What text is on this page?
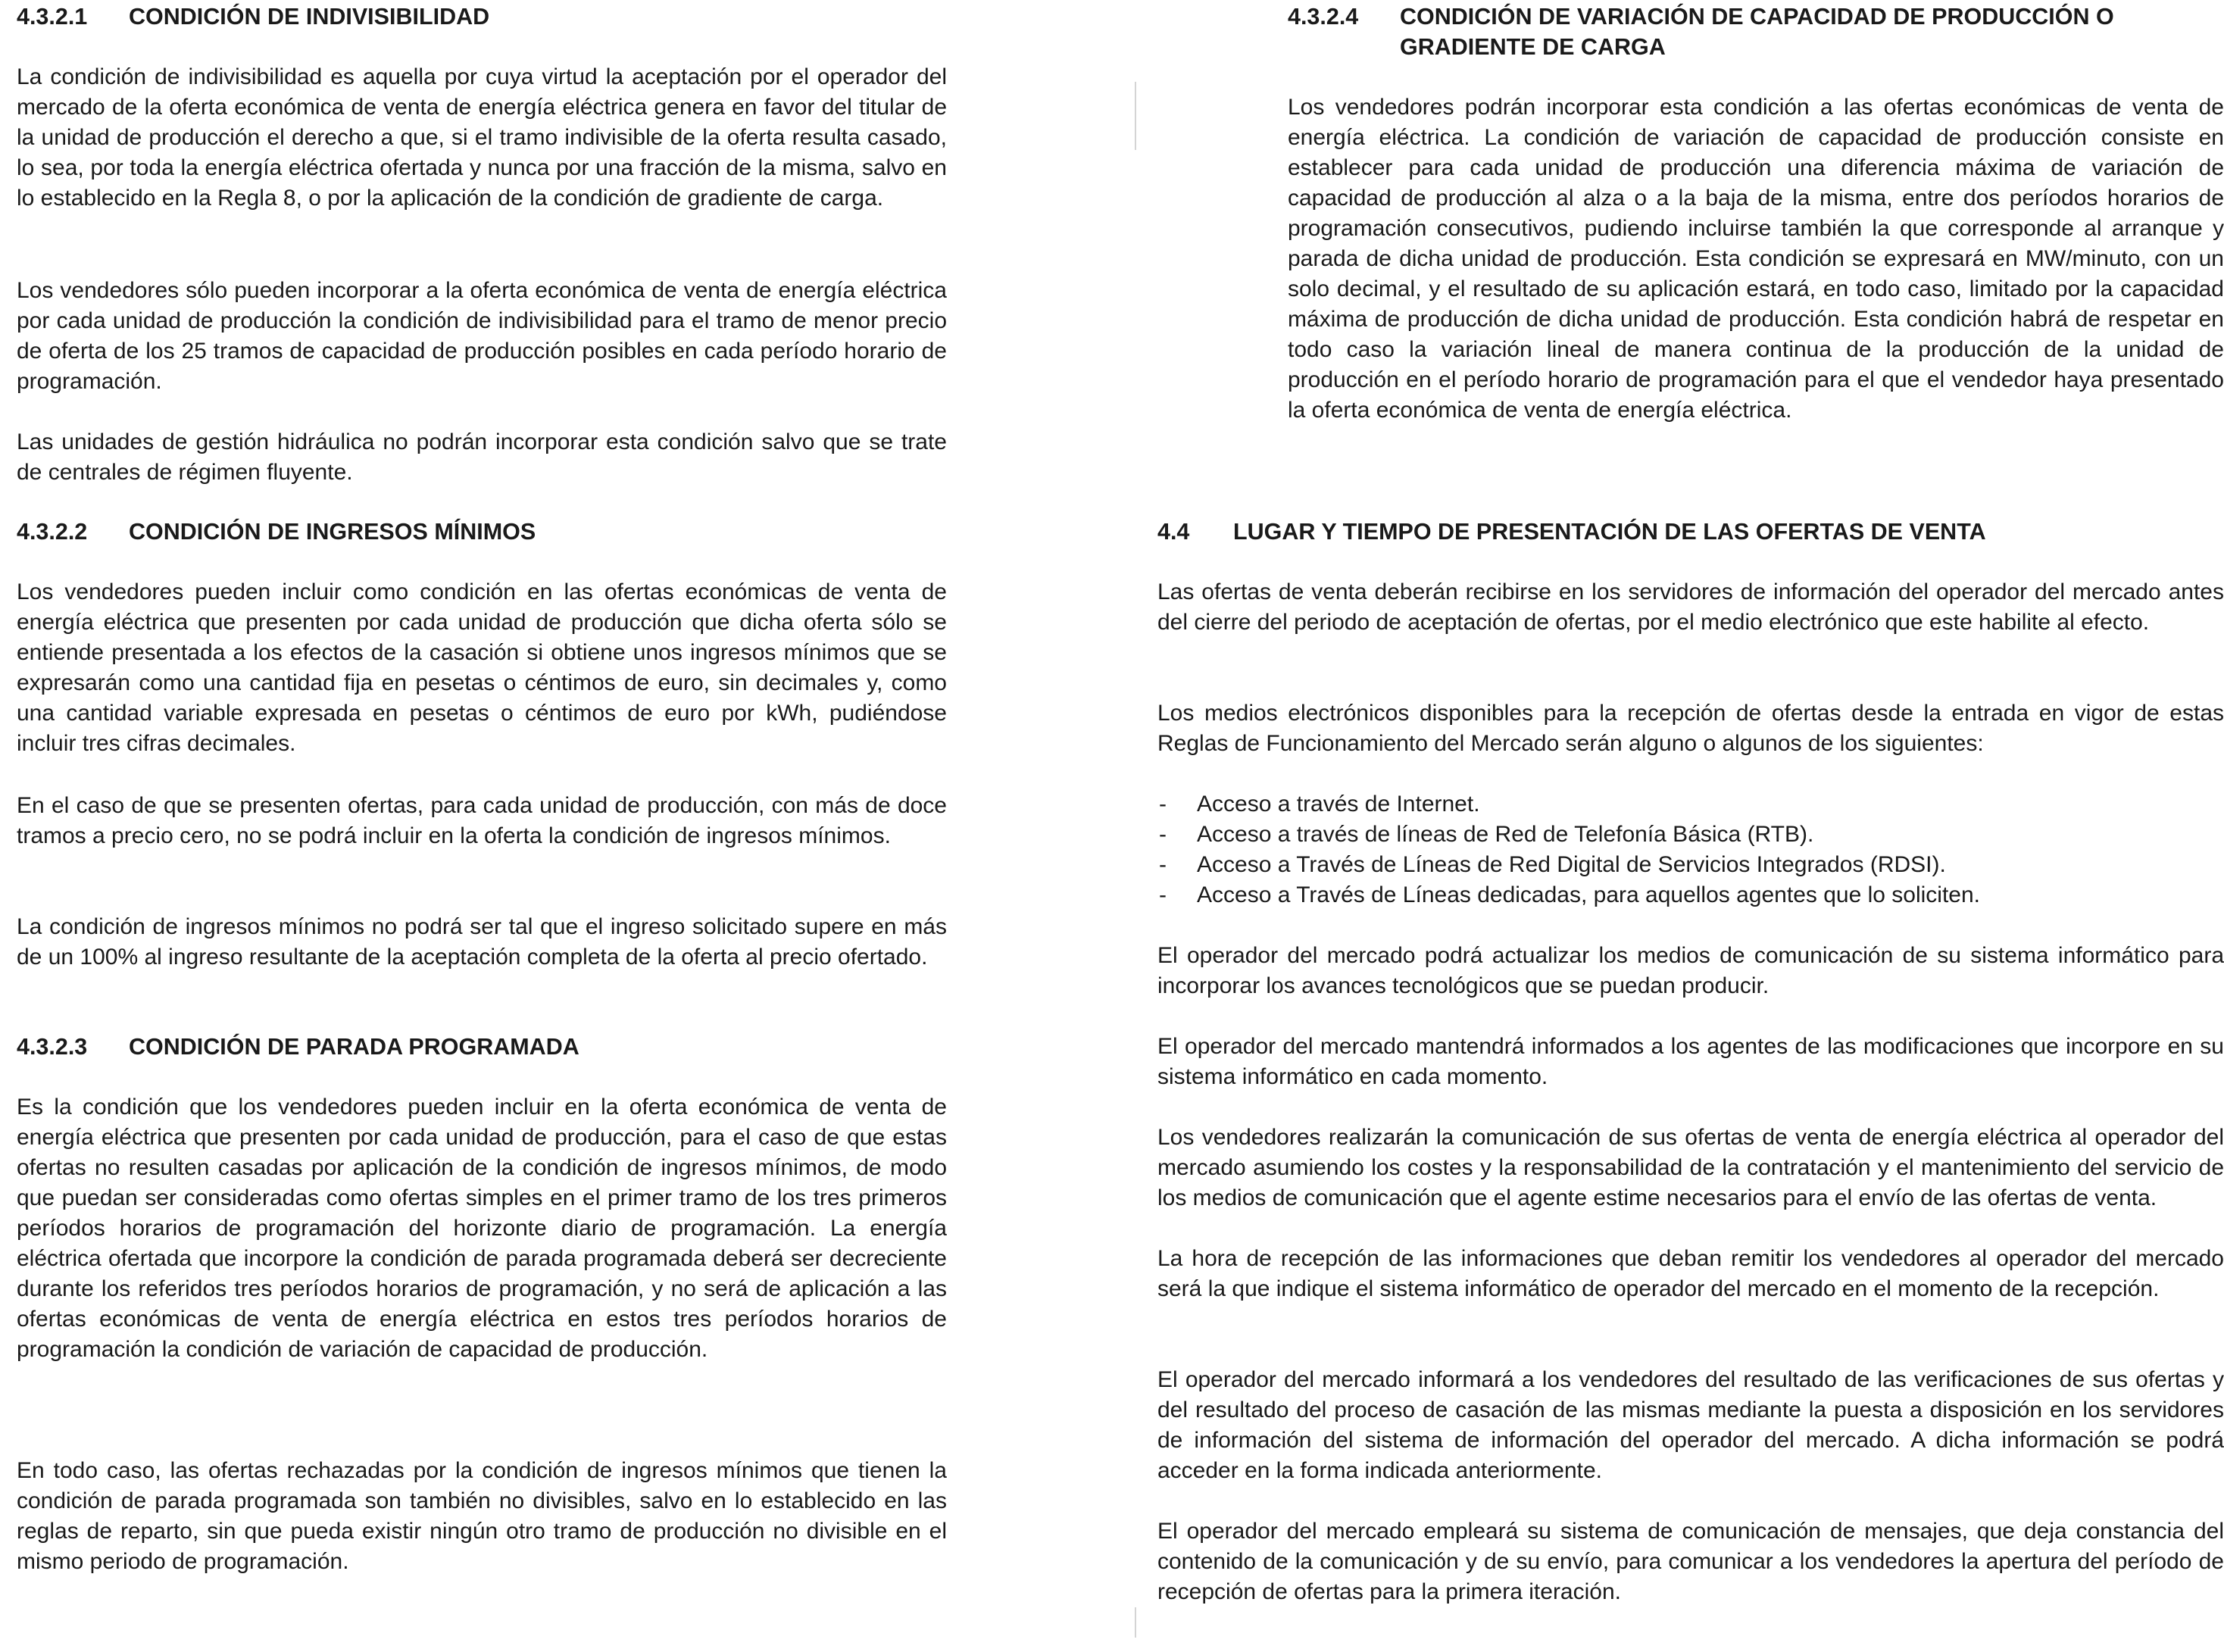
4.3.2.1	CONDICIÓN DE INDIVISIBILIDAD

La condición de indivisibilidad es aquella por cuya virtud la aceptación por el operador del mercado de la oferta económica de venta de energía eléctrica genera en favor del titular de la unidad de producción el derecho a que, si el tramo indivisible de la oferta resulta casado, lo sea, por toda la energía eléctrica ofertada y nunca por una fracción de la misma, salvo en lo establecido en la Regla 8, o por la aplicación de la condición de gradiente de carga.

Los vendedores sólo pueden incorporar a la oferta económica de venta de energía eléctrica por cada unidad de producción la condición de indivisibilidad para el tramo de menor precio de oferta de los 25 tramos de capacidad de producción posibles en cada período horario de programación.

Las unidades de gestión hidráulica no podrán incorporar esta condición salvo que se trate de centrales de régimen fluyente.

4.3.2.2	CONDICIÓN DE INGRESOS MÍNIMOS

Los vendedores pueden incluir como condición en las ofertas económicas de venta de energía eléctrica que presenten por cada unidad de producción que dicha oferta sólo se entiende presentada a los efectos de la casación si obtiene unos ingresos mínimos que se expresarán como una cantidad fija en pesetas o céntimos de euro, sin decimales y, como una cantidad variable expresada en pesetas o céntimos de euro por kWh, pudiéndose incluir tres cifras decimales.

En el caso de que se presenten ofertas, para cada unidad de producción, con más de doce tramos a precio cero, no se podrá incluir en la oferta la condición de ingresos mínimos.

La condición de ingresos mínimos no podrá ser tal que el ingreso solicitado supere en más de un 100% al ingreso resultante de la aceptación completa de la oferta al precio ofertado.

4.3.2.3	CONDICIÓN DE PARADA PROGRAMADA

Es la condición que los vendedores pueden incluir en la oferta económica de venta de energía eléctrica que presenten por cada unidad de producción, para el caso de que estas ofertas no resulten casadas por aplicación de la condición de ingresos mínimos, de modo que puedan ser consideradas como ofertas simples en el primer tramo de los tres primeros períodos horarios de programación del horizonte diario de programación. La energía eléctrica ofertada que incorpore la condición de parada programada deberá ser decreciente durante los referidos tres períodos horarios de programación, y no será de aplicación a las ofertas económicas de venta de energía eléctrica en estos tres períodos horarios de programación la condición de variación de capacidad de producción.

En todo caso, las ofertas rechazadas por la condición de ingresos mínimos que tienen la condición de parada programada son también no divisibles, salvo en lo establecido en las reglas de reparto, sin que pueda existir ningún otro tramo de producción no divisible en el mismo periodo de programación.

4.3.2.4	CONDICIÓN DE VARIACIÓN DE CAPACIDAD DE PRODUCCIÓN O GRADIENTE DE CARGA

Los vendedores podrán incorporar esta condición a las ofertas económicas de venta de energía eléctrica. La condición de variación de capacidad de producción consiste en establecer para cada unidad de producción una diferencia máxima de variación de capacidad de producción al alza o a la baja de la misma, entre dos períodos horarios de programación consecutivos, pudiendo incluirse también la que corresponde al arranque y parada de dicha unidad de producción. Esta condición se expresará en MW/minuto, con un solo decimal, y el resultado de su aplicación estará, en todo caso, limitado por la capacidad máxima de producción de dicha unidad de producción. Esta condición habrá de respetar en todo caso la variación lineal de manera continua de la producción de la unidad de producción en el período horario de programación para el que el vendedor haya presentado la oferta económica de venta de energía eléctrica.

4.4	LUGAR Y TIEMPO DE PRESENTACIÓN DE LAS OFERTAS DE VENTA

Las ofertas de venta deberán recibirse en los servidores de información del operador del mercado antes del cierre del periodo de aceptación de ofertas, por el medio electrónico que este habilite al efecto.

Los medios electrónicos disponibles para la recepción de ofertas desde la entrada en vigor de estas Reglas de Funcionamiento del Mercado serán alguno o algunos de los siguientes:

-	Acceso a través de Internet.
-	Acceso a través de líneas de Red de Telefonía Básica (RTB).
-	Acceso a Través de Líneas de Red Digital de Servicios Integrados (RDSI).
-	Acceso a Través de Líneas dedicadas, para aquellos agentes que lo soliciten.

El operador del mercado podrá actualizar los medios de comunicación de su sistema informático para incorporar los avances tecnológicos que se puedan producir.

El operador del mercado mantendrá informados a los agentes de las modificaciones que incorpore en su sistema informático en cada momento.

Los vendedores realizarán la comunicación de sus ofertas de venta de energía eléctrica al operador del mercado asumiendo los costes y la responsabilidad de la contratación y el mantenimiento del servicio de los medios de comunicación que el agente estime necesarios para el envío de las ofertas de venta.

La hora de recepción de las informaciones que deban remitir los vendedores al operador del mercado será la que indique el sistema informático de operador del mercado en el momento de la recepción.

El operador del mercado informará a los vendedores del resultado de las verificaciones de sus ofertas y del resultado del proceso de casación de las mismas mediante la puesta a disposición en los servidores de información del sistema de información del operador del mercado. A dicha información se podrá acceder en la forma indicada anteriormente.

El operador del mercado empleará su sistema de comunicación de mensajes, que deja constancia del contenido de la comunicación y de su envío, para comunicar a los vendedores la apertura del período de recepción de ofertas para la primera iteración.
